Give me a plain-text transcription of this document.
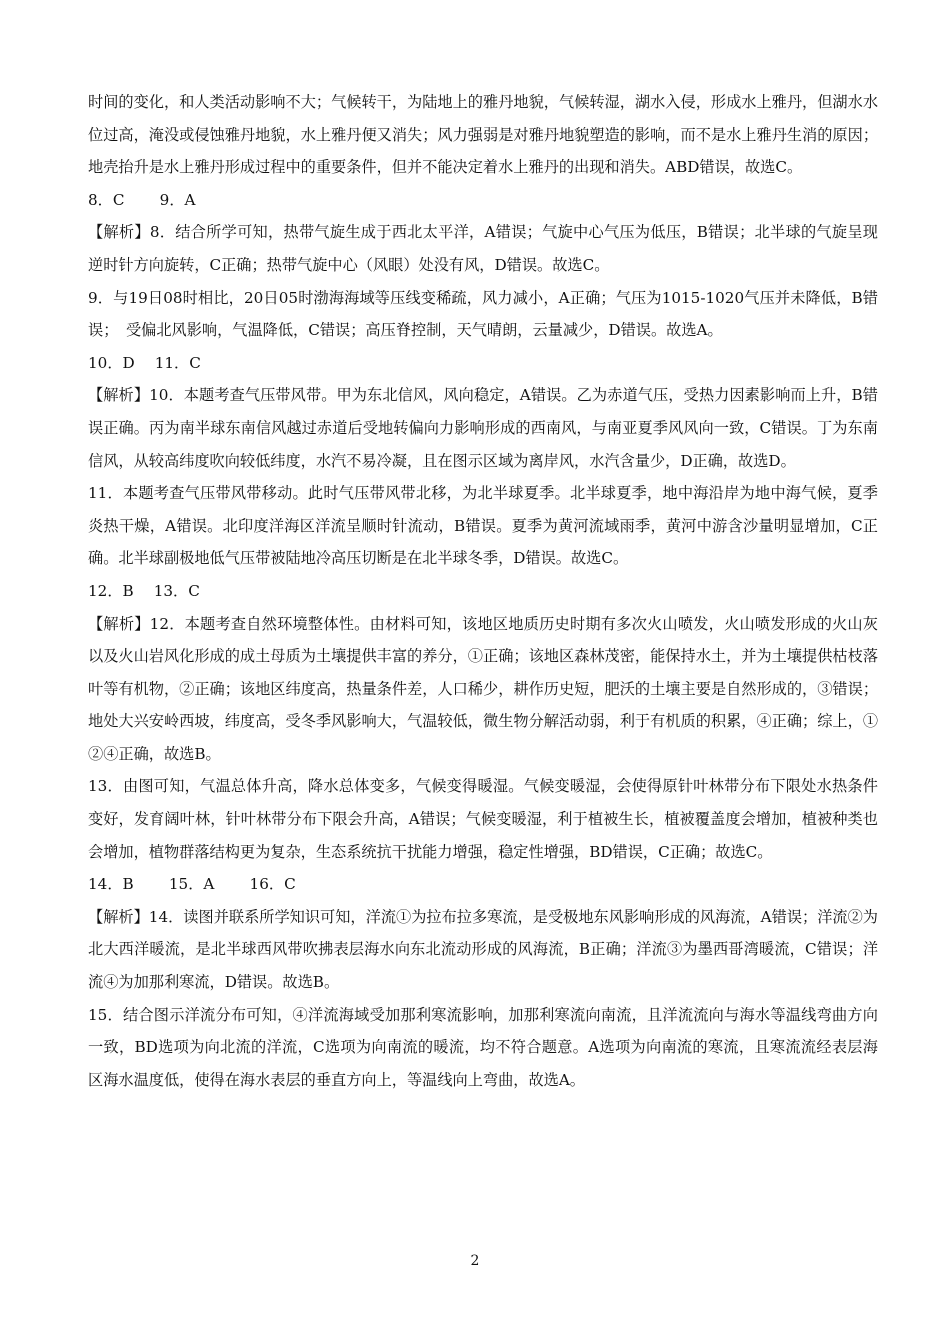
时间的变化，和人类活动影响不大；气候转干，为陆地上的雅丹地貌，气候转湿，湖水入侵，形成水上雅丹，但湖水水位过高，淹没或侵蚀雅丹地貌，水上雅丹便又消失；风力强弱是对雅丹地貌塑造的影响，而不是水上雅丹生消的原因；地壳抬升是水上雅丹形成过程中的重要条件，但并不能决定着水上雅丹的出现和消失。ABD错误，故选C。

8．C　　 9．A

【解析】8．结合所学可知，热带气旋生成于西北太平洋，A错误；气旋中心气压为低压，B错误；北半球的气旋呈现逆时针方向旋转，C正确；热带气旋中心（风眼）处没有风，D错误。故选C。

9．与19日08时相比，20日05时渤海海域等压线变稀疏，风力减小，A正确；气压为1015-1020气压并未降低，B错误；　受偏北风影响，气温降低，C错误；高压脊控制，天气晴朗，云量减少，D错误。故选A。

10．D　 11．C

【解析】10．本题考查气压带风带。甲为东北信风，风向稳定，A错误。乙为赤道气压，受热力因素影响而上升，B错误正确。丙为南半球东南信风越过赤道后受地转偏向力影响形成的西南风，与南亚夏季风风向一致，C错误。丁为东南信风，从较高纬度吹向较低纬度，水汽不易冷凝，且在图示区域为离岸风，水汽含量少，D正确，故选D。

11．本题考查气压带风带移动。此时气压带风带北移，为北半球夏季。北半球夏季，地中海沿岸为地中海气候，夏季炎热干燥，A错误。北印度洋海区洋流呈顺时针流动，B错误。夏季为黄河流域雨季，黄河中游含沙量明显增加，C正确。北半球副极地低气压带被陆地冷高压切断是在北半球冬季，D错误。故选C。

12．B　 13．C

【解析】12．本题考查自然环境整体性。由材料可知，该地区地质历史时期有多次火山喷发，火山喷发形成的火山灰以及火山岩风化形成的成土母质为土壤提供丰富的养分，①正确；该地区森林茂密，能保持水土，并为土壤提供枯枝落叶等有机物，②正确；该地区纬度高，热量条件差，人口稀少，耕作历史短，肥沃的土壤主要是自然形成的，③错误；地处大兴安岭西坡，纬度高，受冬季风影响大，气温较低，微生物分解活动弱，利于有机质的积累，④正确；综上，①②④正确，故选B。

13．由图可知，气温总体升高，降水总体变多，气候变得暖湿。气候变暖湿，会使得原针叶林带分布下限处水热条件变好，发育阔叶林，针叶林带分布下限会升高，A错误；气候变暖湿，利于植被生长，植被覆盖度会增加，植被种类也会增加，植物群落结构更为复杂，生态系统抗干扰能力增强，稳定性增强，BD错误，C正确；故选C。

14．B　　 15．A　　 16．C

【解析】14．读图并联系所学知识可知，洋流①为拉布拉多寒流，是受极地东风影响形成的风海流，A错误；洋流②为北大西洋暖流，是北半球西风带吹拂表层海水向东北流动形成的风海流，B正确；洋流③为墨西哥湾暖流，C错误；洋流④为加那利寒流，D错误。故选B。

15．结合图示洋流分布可知，④洋流海域受加那利寒流影响，加那利寒流向南流，且洋流流向与海水等温线弯曲方向一致，BD选项为向北流的洋流，C选项为向南流的暖流，均不符合题意。A选项为向南流的寒流，且寒流流经表层海区海水温度低，使得在海水表层的垂直方向上，等温线向上弯曲，故选A。

2
